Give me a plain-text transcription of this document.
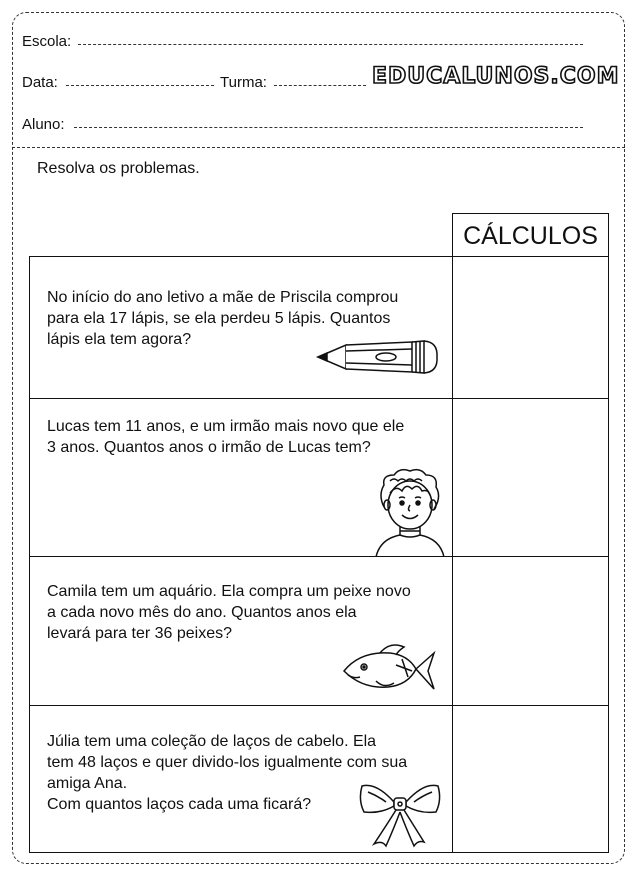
Escola:
Data:	Turma:	EDUCALUNOS.COM
Aluno:
Resolva os problemas.
CÁLCULOS
No início do ano letivo a mãe de Priscila comprou
para ela 17 lápis, se ela perdeu 5 lápis. Quantos
lápis ela tem agora?
Lucas tem 11 anos, e um irmão mais novo que ele
3 anos. Quantos anos o irmão de Lucas tem?
Camila tem um aquário. Ela compra um peixe novo
a cada novo mês do ano. Quantos anos ela
levará para ter 36 peixes?
Júlia tem uma coleção de laços de cabelo. Ela
tem 48 laços e quer divido-los igualmente com sua
amiga Ana.
Com quantos laços cada uma ficará?
